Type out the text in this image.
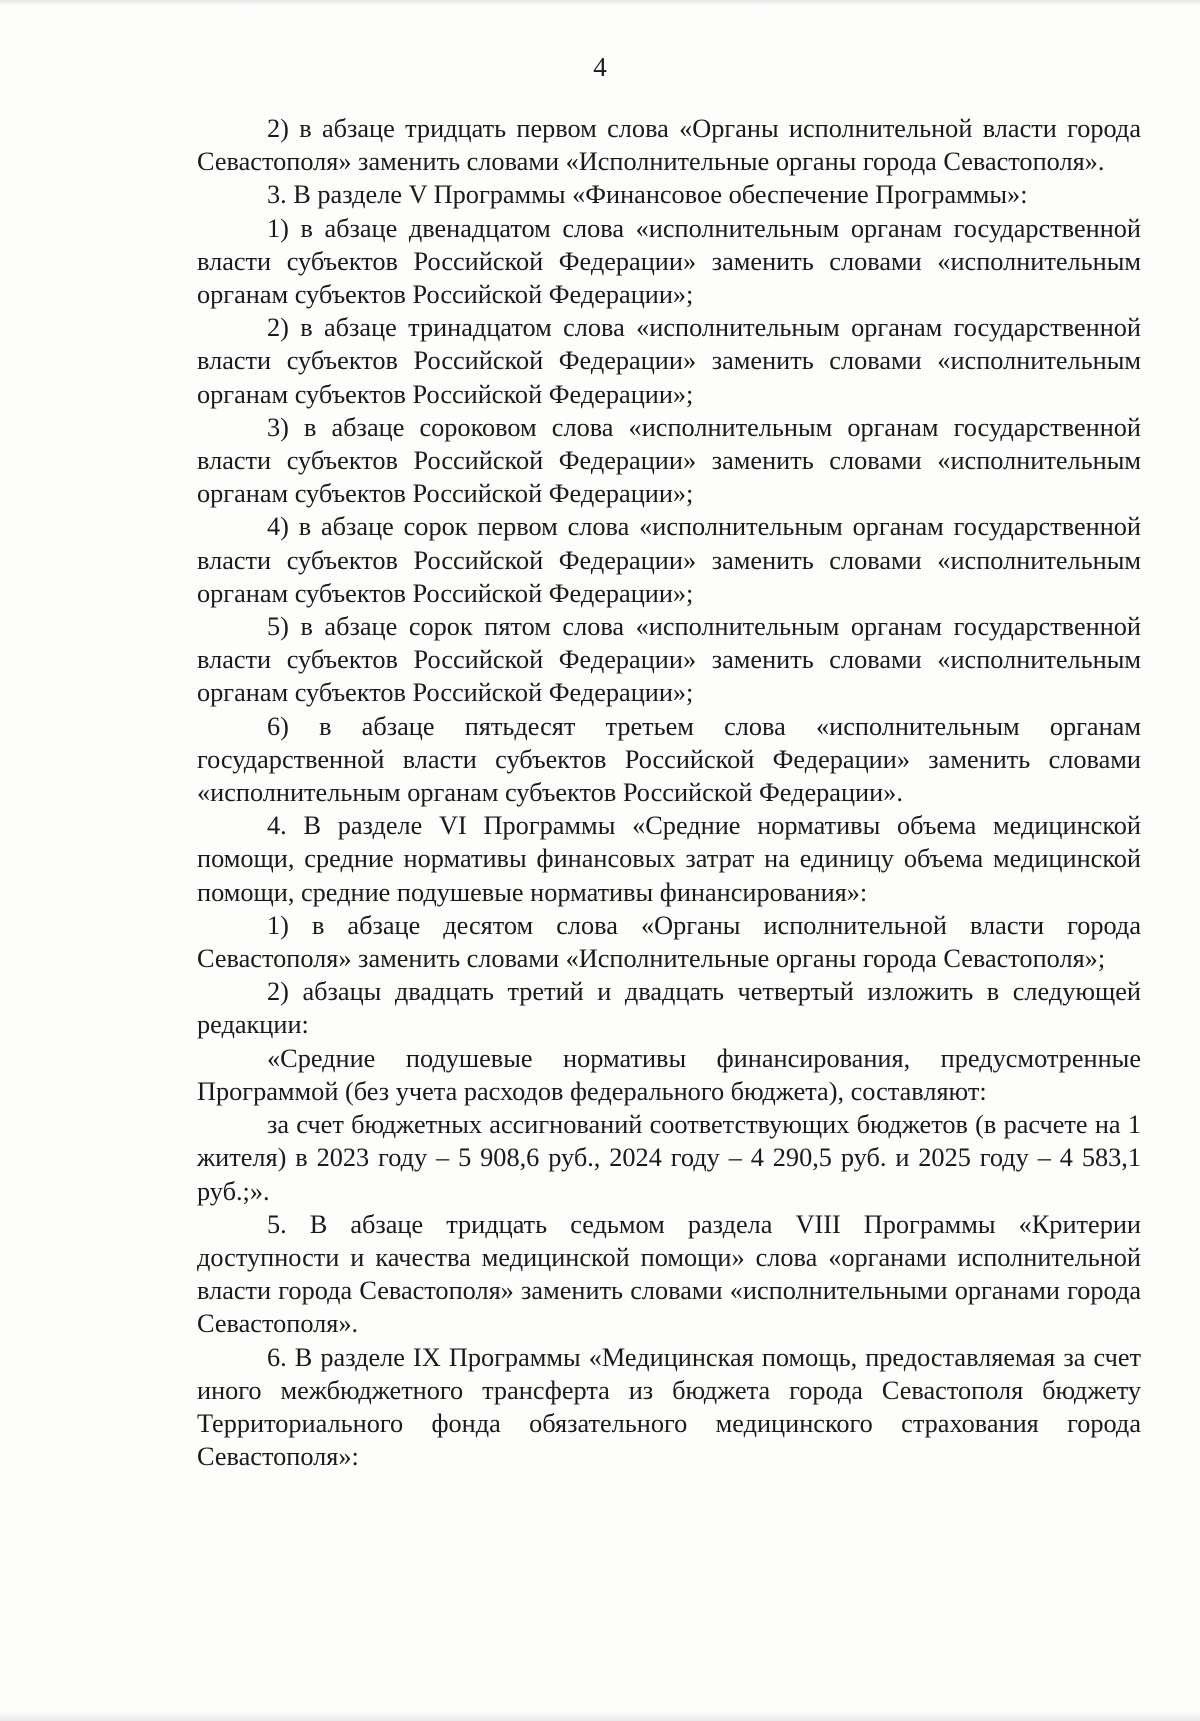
4

2) в абзаце тридцать первом слова «Органы исполнительной власти города Севастополя» заменить словами «Исполнительные органы города Севастополя».

3. В разделе V Программы «Финансовое обеспечение Программы»:

1) в абзаце двенадцатом слова «исполнительным органам государственной власти субъектов Российской Федерации» заменить словами «исполнительным органам субъектов Российской Федерации»;

2) в абзаце тринадцатом слова «исполнительным органам государственной власти субъектов Российской Федерации» заменить словами «исполнительным органам субъектов Российской Федерации»;

3) в абзаце сороковом слова «исполнительным органам государственной власти субъектов Российской Федерации» заменить словами «исполнительным органам субъектов Российской Федерации»;

4) в абзаце сорок первом слова «исполнительным органам государственной власти субъектов Российской Федерации» заменить словами «исполнительным органам субъектов Российской Федерации»;

5) в абзаце сорок пятом слова «исполнительным органам государственной власти субъектов Российской Федерации» заменить словами «исполнительным органам субъектов Российской Федерации»;

6) в абзаце пятьдесят третьем слова «исполнительным органам государственной власти субъектов Российской Федерации» заменить словами «исполнительным органам субъектов Российской Федерации».

4. В разделе VI Программы «Средние нормативы объема медицинской помощи, средние нормативы финансовых затрат на единицу объема медицинской помощи, средние подушевые нормативы финансирования»:

1) в абзаце десятом слова «Органы исполнительной власти города Севастополя» заменить словами «Исполнительные органы города Севастополя»;

2) абзацы двадцать третий и двадцать четвертый изложить в следующей редакции:

«Средние подушевые нормативы финансирования, предусмотренные Программой (без учета расходов федерального бюджета), составляют:

за счет бюджетных ассигнований соответствующих бюджетов (в расчете на 1 жителя) в 2023 году – 5 908,6 руб., 2024 году – 4 290,5 руб. и 2025 году – 4 583,1 руб.;».

5. В абзаце тридцать седьмом раздела VIII Программы «Критерии доступности и качества медицинской помощи» слова «органами исполнительной власти города Севастополя» заменить словами «исполнительными органами города Севастополя».

6. В разделе IX Программы «Медицинская помощь, предоставляемая за счет иного межбюджетного трансферта из бюджета города Севастополя бюджету Территориального фонда обязательного медицинского страхования города Севастополя»:
